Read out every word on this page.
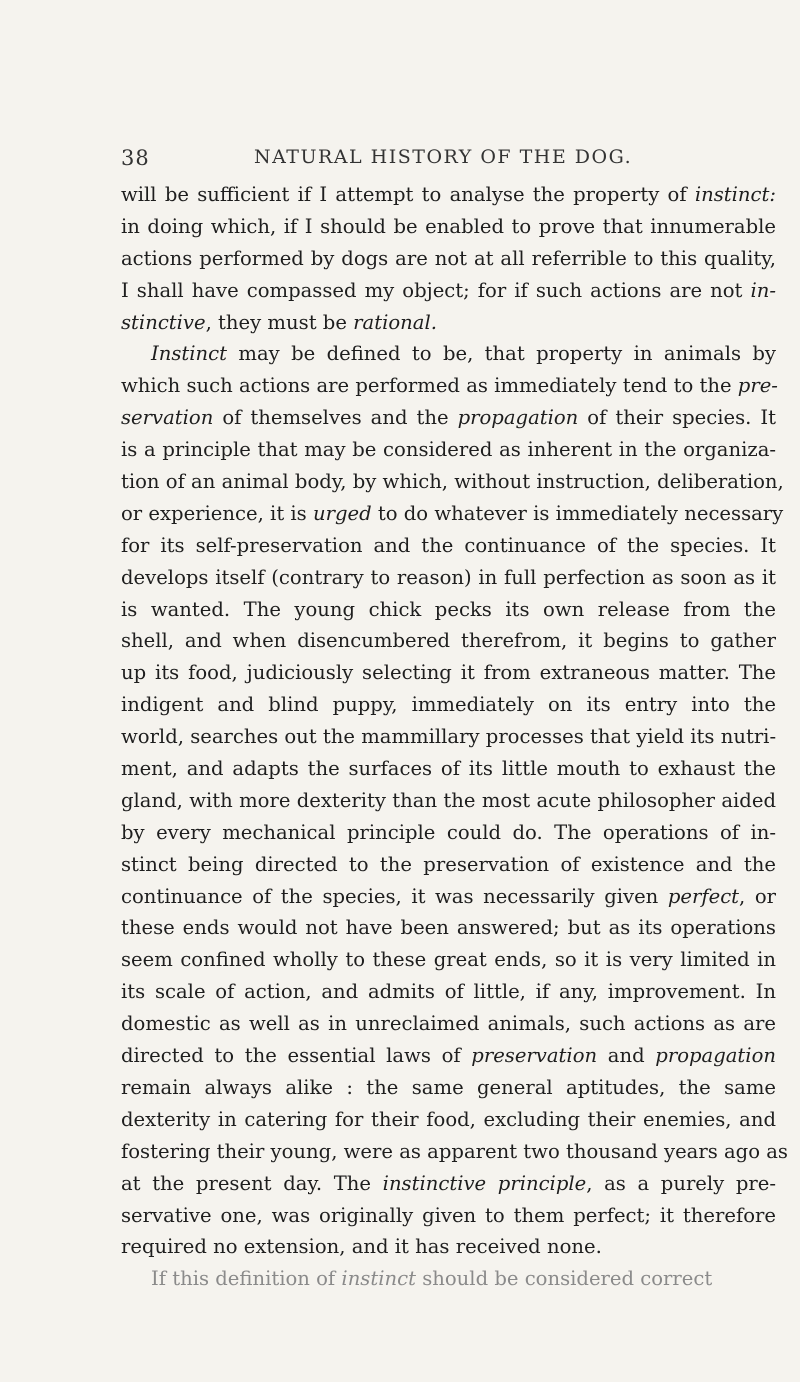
38	NATURAL HISTORY OF THE DOG.
will be sufficient if I attempt to analyse the property of instinct:
in doing which, if I should be enabled to prove that innumerable
actions performed by dogs are not at all referrible to this quality,
I shall have compassed my object; for if such actions are not in-
stinctive, they must be rational.
Instinct may be defined to be, that property in animals by
which such actions are performed as immediately tend to the pre-
servation of themselves and the propagation of their species. It
is a principle that may be considered as inherent in the organiza-
tion of an animal body, by which, without instruction, deliberation,
or experience, it is urged to do whatever is immediately necessary
for its self-preservation and the continuance of the species. It
develops itself (contrary to reason) in full perfection as soon as it
is wanted. The young chick pecks its own release from the
shell, and when disencumbered therefrom, it begins to gather
up its food, judiciously selecting it from extraneous matter. The
indigent and blind puppy, immediately on its entry into the
world, searches out the mammillary processes that yield its nutri-
ment, and adapts the surfaces of its little mouth to exhaust the
gland, with more dexterity than the most acute philosopher aided
by every mechanical principle could do. The operations of in-
stinct being directed to the preservation of existence and the
continuance of the species, it was necessarily given perfect, or
these ends would not have been answered; but as its operations
seem confined wholly to these great ends, so it is very limited in
its scale of action, and admits of little, if any, improvement. In
domestic as well as in unreclaimed animals, such actions as are
directed to the essential laws of preservation and propagation
remain always alike : the same general aptitudes, the same
dexterity in catering for their food, excluding their enemies, and
fostering their young, were as apparent two thousand years ago as
at the present day. The instinctive principle, as a purely pre-
servative one, was originally given to them perfect; it therefore
required no extension, and it has received none.
If this definition of instinct should be considered correct
